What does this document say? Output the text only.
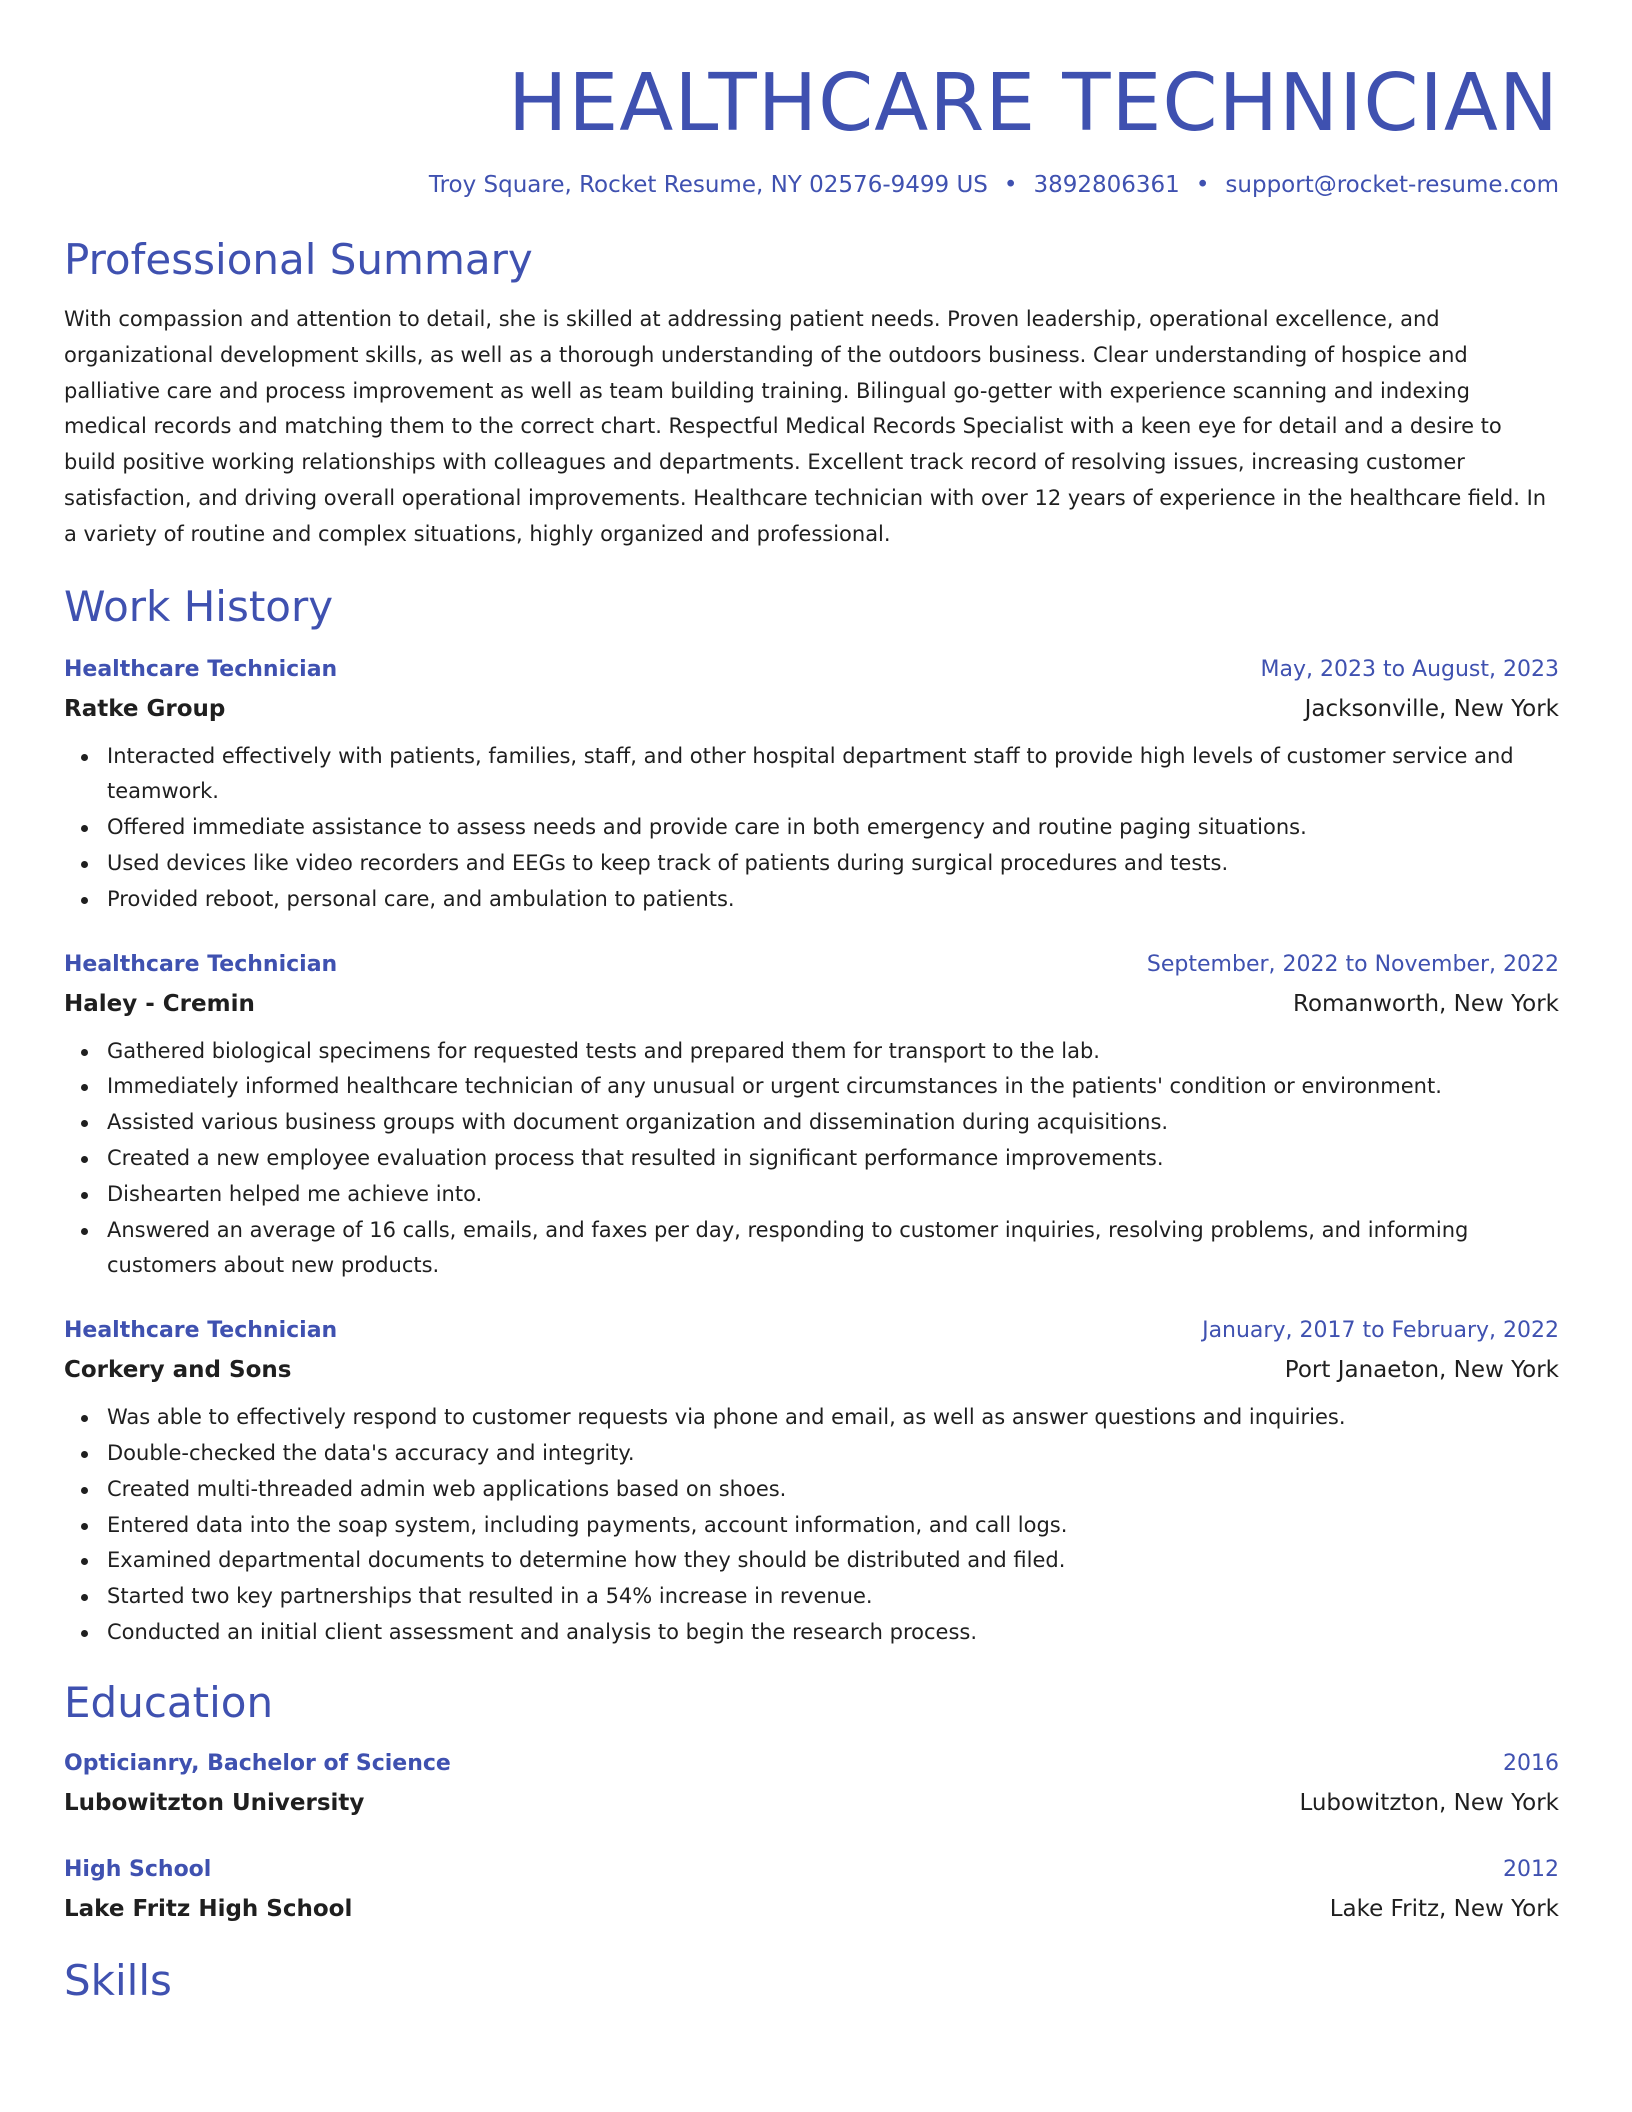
HEALTHCARE TECHNICIAN
Troy Square, Rocket Resume, NY 02576-9499 US • 3892806361 • support@rocket-resume.com
Professional Summary

With compassion and attention to detail, she is skilled at addressing patient needs. Proven leadership, operational excellence, and organizational development skills, as well as a thorough understanding of the outdoors business. Clear understanding of hospice and palliative care and process improvement as well as team building training. Bilingual go-getter with experience scanning and indexing medical records and matching them to the correct chart. Respectful Medical Records Specialist with a keen eye for detail and a desire to build positive working relationships with colleagues and departments. Excellent track record of resolving issues, increasing customer satisfaction, and driving overall operational improvements. Healthcare technician with over 12 years of experience in the healthcare field. In a variety of routine and complex situations, highly organized and professional.

Work History
Healthcare Technician	May, 2023 to August, 2023
Ratke Group	Jacksonville, New York
Interacted effectively with patients, families, staff, and other hospital department staff to provide high levels of customer service and teamwork.
Offered immediate assistance to assess needs and provide care in both emergency and routine paging situations.
Used devices like video recorders and EEGs to keep track of patients during surgical procedures and tests.
Provided reboot, personal care, and ambulation to patients.
Healthcare Technician	September, 2022 to November, 2022
Haley - Cremin	Romanworth, New York
Gathered biological specimens for requested tests and prepared them for transport to the lab.
Immediately informed healthcare technician of any unusual or urgent circumstances in the patients' condition or environment.
Assisted various business groups with document organization and dissemination during acquisitions.
Created a new employee evaluation process that resulted in significant performance improvements.
Dishearten helped me achieve into.
Answered an average of 16 calls, emails, and faxes per day, responding to customer inquiries, resolving problems, and informing customers about new products.
Healthcare Technician	January, 2017 to February, 2022
Corkery and Sons	Port Janaeton, New York
Was able to effectively respond to customer requests via phone and email, as well as answer questions and inquiries.
Double-checked the data's accuracy and integrity.
Created multi-threaded admin web applications based on shoes.
Entered data into the soap system, including payments, account information, and call logs.
Examined departmental documents to determine how they should be distributed and filed.
Started two key partnerships that resulted in a 54% increase in revenue.
Conducted an initial client assessment and analysis to begin the research process.
Education
Opticianry, Bachelor of Science	2016
Lubowitzton University	Lubowitzton, New York
High School	2012
Lake Fritz High School	Lake Fritz, New York
Skills
